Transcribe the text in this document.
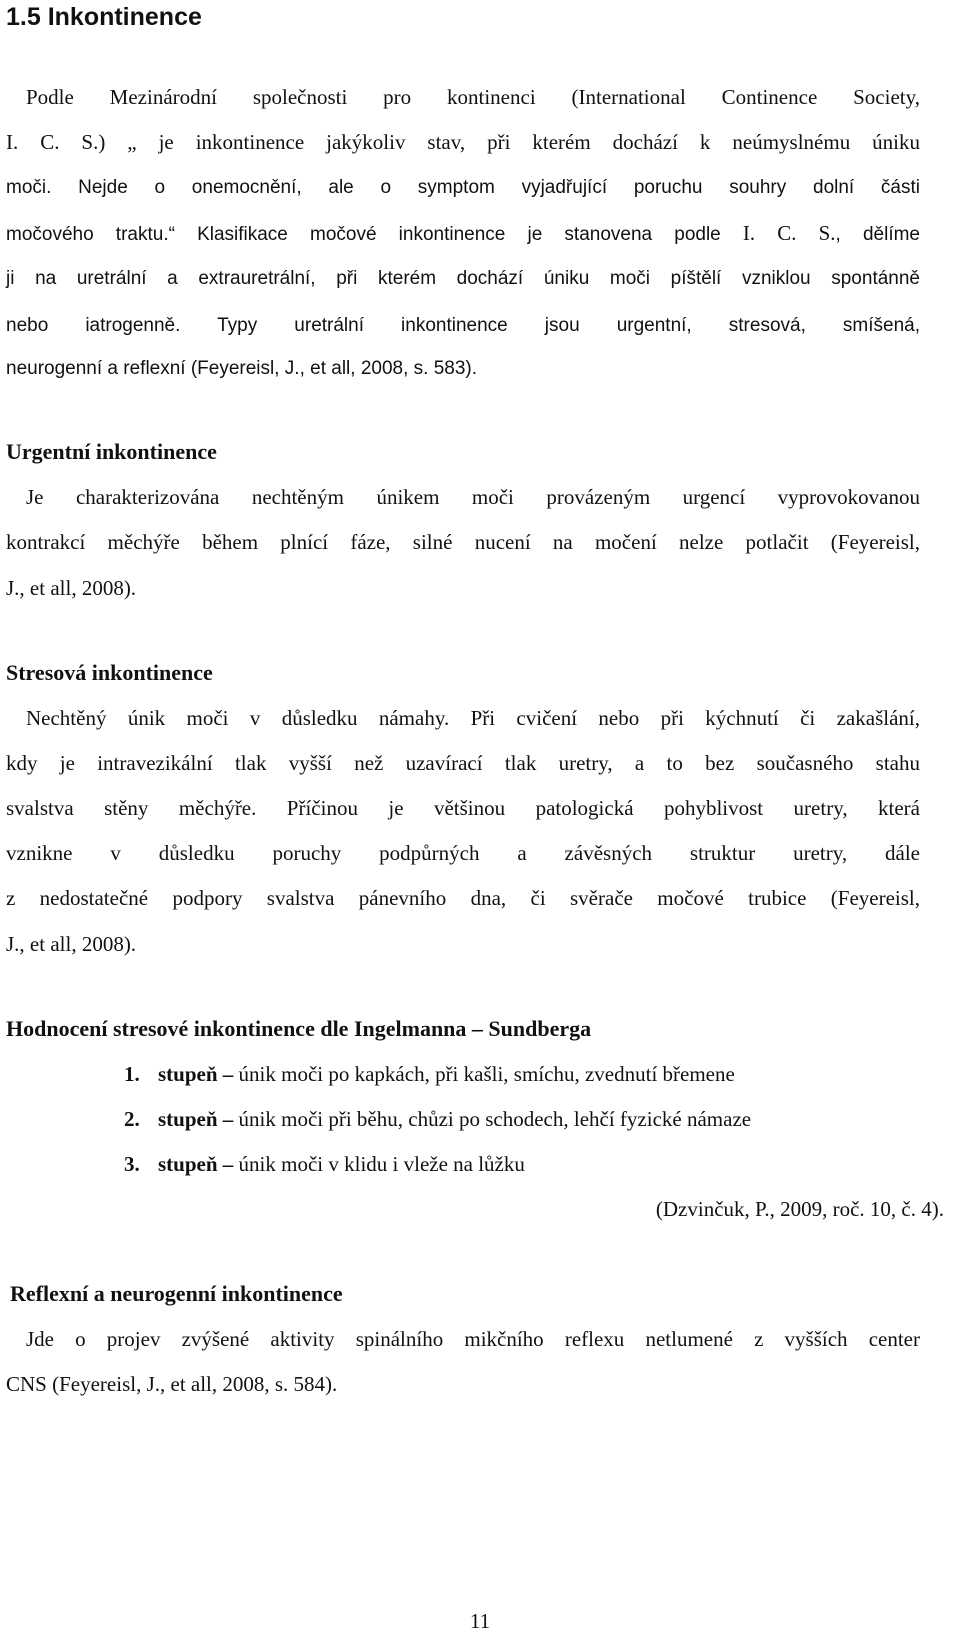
1.5 Inkontinence
Podle Mezinárodní společnosti pro kontinenci (International Continence Society,
I. C. S.) „ je inkontinence jakýkoliv stav, při kterém dochází k neúmyslnému úniku
moči. Nejde o onemocnění, ale o symptom vyjadřující poruchu souhry dolní části
močového traktu.“ Klasifikace močové inkontinence je stanovena podle I. C. S., dělíme
ji na uretrální a extrauretrální, při kterém dochází úniku moči píštělí vzniklou spontánně
nebo iatrogenně. Typy uretrální inkontinence jsou urgentní, stresová, smíšená,
neurogenní a reflexní (Feyereisl, J., et all, 2008, s. 583).
Urgentní inkontinence
Je charakterizována nechtěným únikem moči provázeným urgencí vyprovokovanou
kontrakcí měchýře během plnící fáze, silné nucení na močení nelze potlačit (Feyereisl,
J., et all, 2008).
Stresová inkontinence
Nechtěný únik moči v důsledku námahy. Při cvičení nebo při kýchnutí či zakašlání,
kdy je intravezikální tlak vyšší než uzavírací tlak uretry, a to bez současného stahu
svalstva stěny měchýře. Příčinou je většinou patologická pohyblivost uretry, která
vznikne v důsledku poruchy podpůrných a závěsných struktur uretry, dále
z nedostatečné podpory svalstva pánevního dna, či svěrače močové trubice (Feyereisl,
J., et all, 2008).
Hodnocení stresové inkontinence dle Ingelmanna – Sundberga
1. stupeň – únik moči po kapkách, při kašli, smíchu, zvednutí břemene
2. stupeň – únik moči při běhu, chůzi po schodech, lehčí fyzické námaze
3. stupeň – únik moči v klidu i vleže na lůžku
(Dzvinčuk, P., 2009, roč. 10, č. 4).
Reflexní a neurogenní inkontinence
Jde o projev zvýšené aktivity spinálního mikčního reflexu netlumené z vyšších center
CNS (Feyereisl, J., et all, 2008, s. 584).
11
